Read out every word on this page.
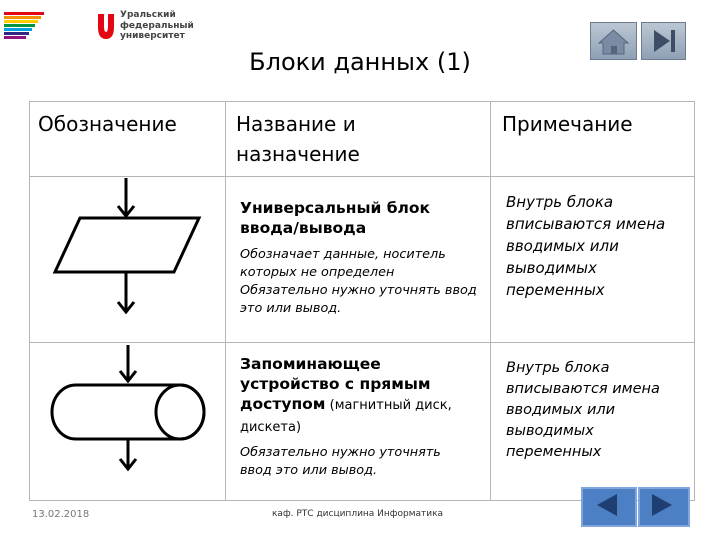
Уральский
федеральный
университет
Блоки данных (1)
Обозначение	Название и назначение
Примечание
Универсальный блок ввода/вывода
Обозначает данные, носитель которых не определен Обязательно нужно уточнять ввод это или вывод.
Внутрь блока вписываются имена вводимых или выводимых переменных
Запоминающее устройство с прямым доступом (магнитный диск, дискета)
Обязательно нужно уточнять ввод это или вывод.
Внутрь блока вписываются имена вводимых или выводимых переменных
13.02.2018	каф. РТС дисциплина Информатика
